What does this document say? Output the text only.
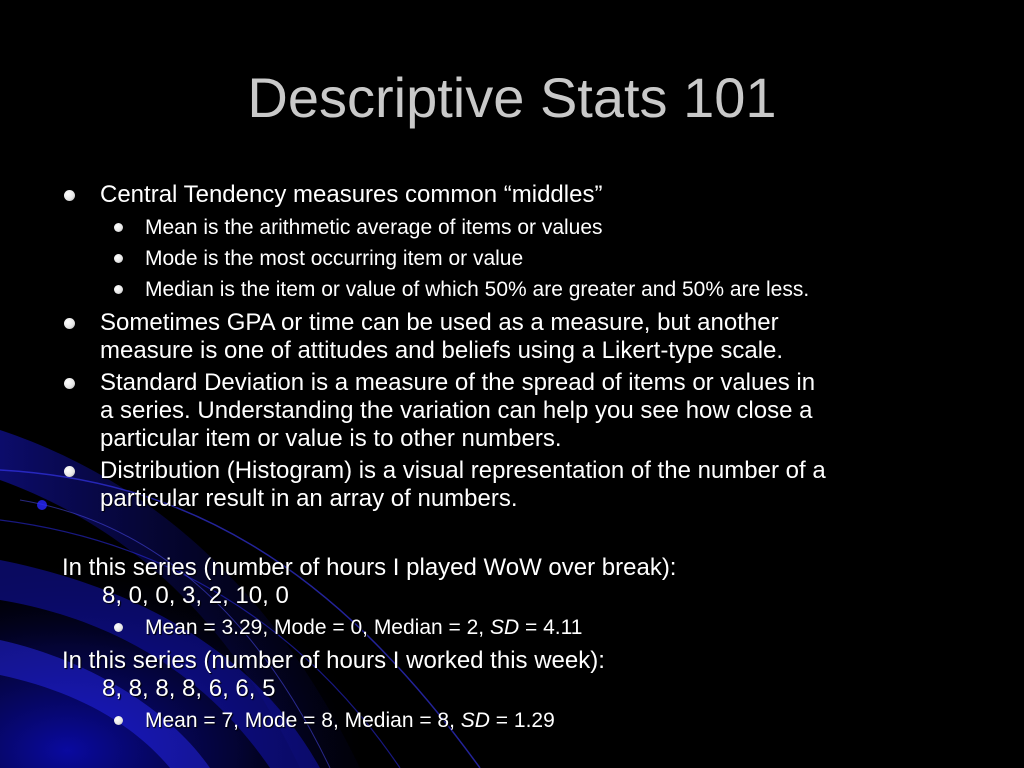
Descriptive Stats 101
Central Tendency measures common “middles”
Mean is the arithmetic average of items or values
Mode is the most occurring item or value
Median is the item or value of which 50% are greater and 50% are less.
Sometimes GPA or time can be used as a measure, but another
measure is one of attitudes and beliefs using a Likert-type scale.
Standard Deviation is a measure of the spread of items or values in
a series. Understanding the variation can help you see how close a
particular item or value is to other numbers.
Distribution (Histogram) is a visual representation of the number of a
particular result in an array of numbers.
In this series (number of hours I played WoW over break):
8, 0, 0, 3, 2, 10, 0
Mean = 3.29, Mode = 0, Median = 2, SD = 4.11
In this series (number of hours I worked this week):
8, 8, 8, 8, 6, 6, 5
Mean = 7, Mode = 8, Median = 8, SD = 1.29
